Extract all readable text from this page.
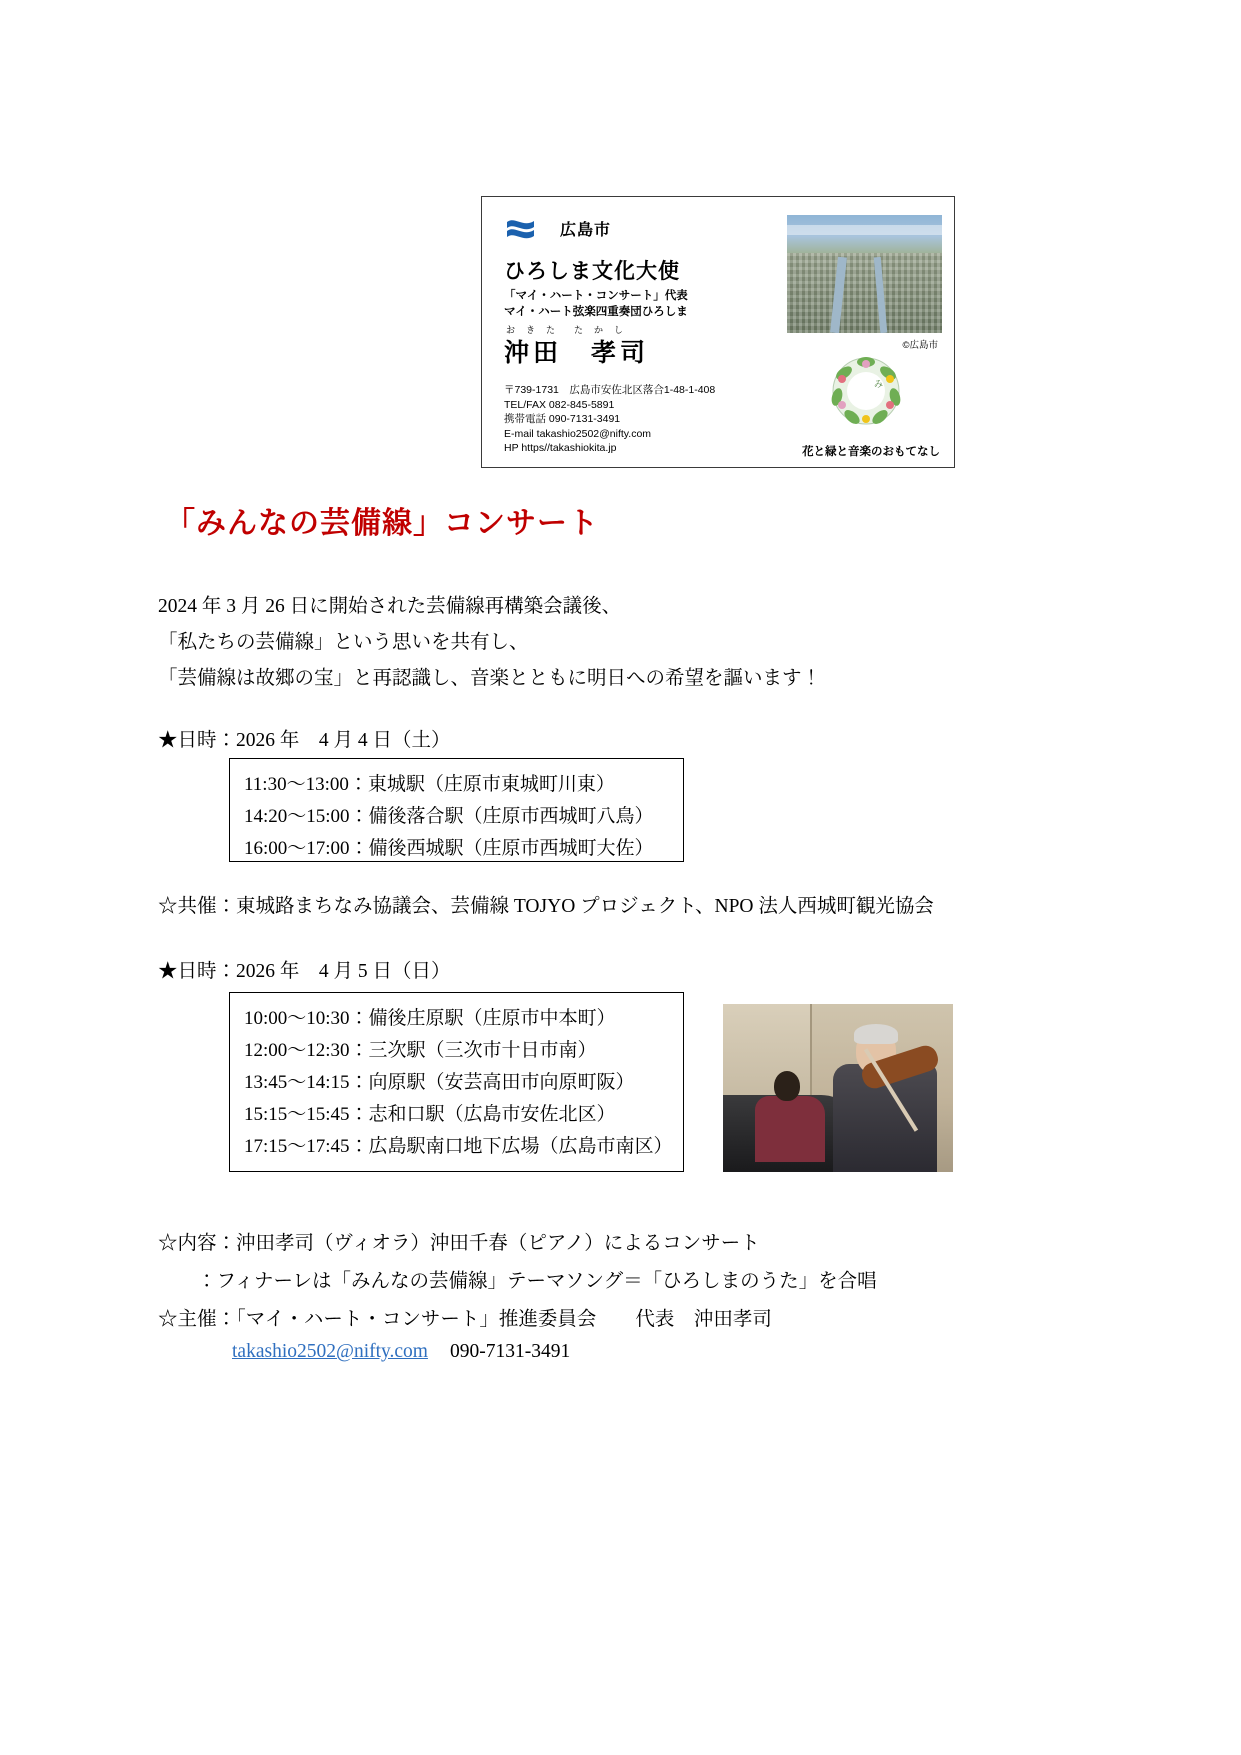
広島市
ひろしま文化大使
「マイ・ハート・コンサート」代表
マイ・ハート弦楽四重奏団ひろしま
おきた たかし
沖田　孝司
〒739-1731　広島市安佐北区落合1-48-1-408
TEL/FAX 082-845-5891
携帯電話 090-7131-3491
E-mail takashio2502@nifty.com
HP https//takashiokita.jp
©広島市
み
花と緑と音楽のおもてなし
「みんなの芸備線」コンサート
2024 年 3 月 26 日に開始された芸備線再構築会議後、
「私たちの芸備線」という思いを共有し、
「芸備線は故郷の宝」と再認識し、音楽とともに明日への希望を謳います！
★日時：2026 年　4 月 4 日（土）
11:30～13:00：東城駅（庄原市東城町川東）
14:20～15:00：備後落合駅（庄原市西城町八鳥）
16:00～17:00：備後西城駅（庄原市西城町大佐）
☆共催：東城路まちなみ協議会、芸備線 TOJYO プロジェクト、NPO 法人西城町観光協会
★日時：2026 年　4 月 5 日（日）
10:00～10:30：備後庄原駅（庄原市中本町）
12:00～12:30：三次駅（三次市十日市南）
13:45～14:15：向原駅（安芸高田市向原町阪）
15:15～15:45：志和口駅（広島市安佐北区）
17:15～17:45：広島駅南口地下広場（広島市南区）
☆内容：沖田孝司（ヴィオラ）沖田千春（ピアノ）によるコンサート
：フィナーレは「みんなの芸備線」テーマソング＝「ひろしまのうた」を合唱
☆主催：「マイ・ハート・コンサート」推進委員会　　代表　沖田孝司
takashio2502@nifty.com 090-7131-3491
